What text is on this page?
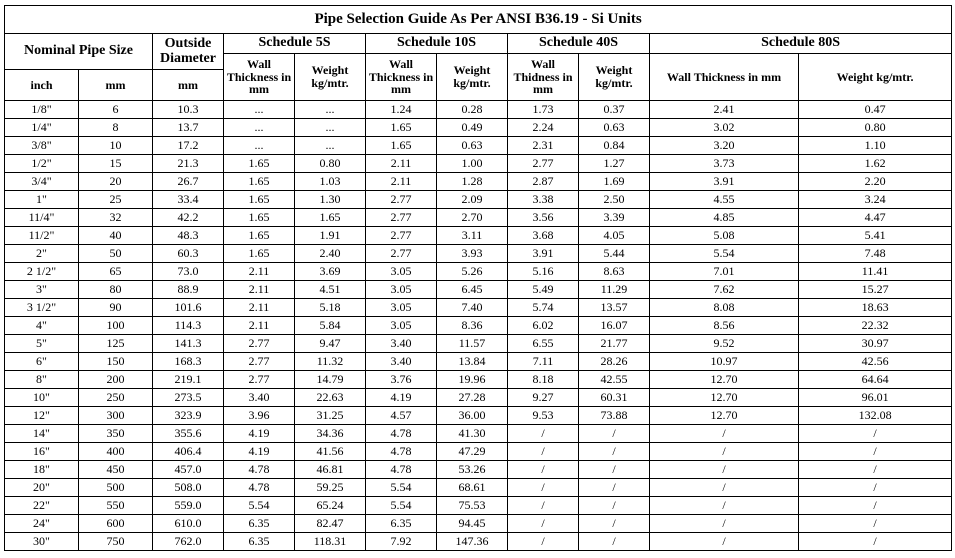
Pipe Selection Guide As Per ANSI B36.19 - Si Units										
Nominal Pipe Size		Outside Diameter	Schedule 5S		Schedule 10S		Schedule 40S		Schedule 80S	
			Wall Thickness in mm	Weight kg/mtr.	Wall Thickness in mm	Weight kg/mtr.	Wall Thidness in mm	Weight kg/mtr.	Wall Thickness in mm	Weight kg/mtr.
inch	mm	mm								
1/8"	6	10.3	...	...	1.24	0.28	1.73	0.37	2.41	0.47
1/4"	8	13.7	...	...	1.65	0.49	2.24	0.63	3.02	0.80
3/8"	10	17.2	...	...	1.65	0.63	2.31	0.84	3.20	1.10
1/2"	15	21.3	1.65	0.80	2.11	1.00	2.77	1.27	3.73	1.62
3/4"	20	26.7	1.65	1.03	2.11	1.28	2.87	1.69	3.91	2.20
1"	25	33.4	1.65	1.30	2.77	2.09	3.38	2.50	4.55	3.24
11/4"	32	42.2	1.65	1.65	2.77	2.70	3.56	3.39	4.85	4.47
11/2"	40	48.3	1.65	1.91	2.77	3.11	3.68	4.05	5.08	5.41
2"	50	60.3	1.65	2.40	2.77	3.93	3.91	5.44	5.54	7.48
2 1/2"	65	73.0	2.11	3.69	3.05	5.26	5.16	8.63	7.01	11.41
3"	80	88.9	2.11	4.51	3.05	6.45	5.49	11.29	7.62	15.27
3 1/2"	90	101.6	2.11	5.18	3.05	7.40	5.74	13.57	8.08	18.63
4"	100	114.3	2.11	5.84	3.05	8.36	6.02	16.07	8.56	22.32
5"	125	141.3	2.77	9.47	3.40	11.57	6.55	21.77	9.52	30.97
6"	150	168.3	2.77	11.32	3.40	13.84	7.11	28.26	10.97	42.56
8"	200	219.1	2.77	14.79	3.76	19.96	8.18	42.55	12.70	64.64
10"	250	273.5	3.40	22.63	4.19	27.28	9.27	60.31	12.70	96.01
12"	300	323.9	3.96	31.25	4.57	36.00	9.53	73.88	12.70	132.08
14"	350	355.6	4.19	34.36	4.78	41.30	/	/	/	/
16"	400	406.4	4.19	41.56	4.78	47.29	/	/	/	/
18"	450	457.0	4.78	46.81	4.78	53.26	/	/	/	/
20"	500	508.0	4.78	59.25	5.54	68.61	/	/	/	/
22"	550	559.0	5.54	65.24	5.54	75.53	/	/	/	/
24"	600	610.0	6.35	82.47	6.35	94.45	/	/	/	/
30"	750	762.0	6.35	118.31	7.92	147.36	/	/	/	/
